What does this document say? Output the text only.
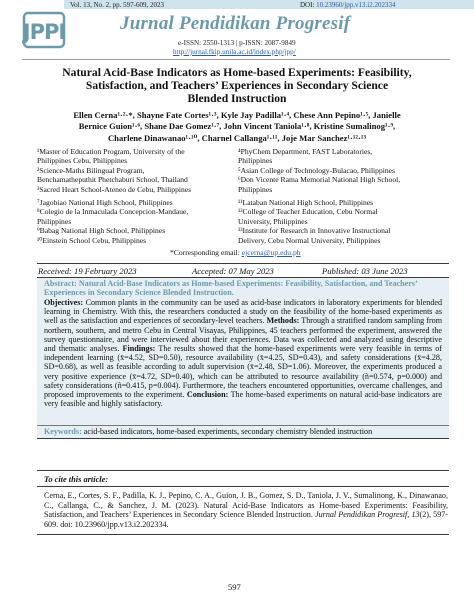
Vol. 13, No. 2, pp. 597-609, 2023	DOI: 10.23960/jpp.v13.i2.202334
JPPI	Jurnal Pendidikan Progresif
e-ISSN: 2550-1313 | p-ISSN: 2087-9849
http://jurnal.fkip.unila.ac.id/index.php/jpp/
Natural Acid-Base Indicators as Home-based Experiments: Feasibility,
Satisfaction, and Teachers’ Experiences in Secondary Science
Blended Instruction
Ellen Cerna¹·²·*, Shayne Fate Cortes¹·³, Kyle Jay Padilla¹·⁴, Chese Ann Pepino¹·⁵, Janielle
Bernice Guion¹·⁶, Shane Dae Gomez¹·⁷, John Vincent Taniola¹·⁸, Kristine Sumalinog¹·⁹,
Charlene Dinawanao¹·¹⁰, Charnel Callanga¹·¹¹, Joje Mar Sanchez¹·¹²·¹³

¹Master of Education Program, University of the

Philippines Cebu, Philippines

²Science-Maths Bilingual Program,

Benchamatheputhit Phetchaburi School, Thailand

³Sacred Heart School-Ateneo de Cebu, Philippines

⁴PhyChem Department, FAST Laboratories,

Philippines

⁵Asian College of Technology-Bulacao, Philippines

⁶Don Vicente Rama Memorial National High School,

Philippines

⁷Jagobiao National High School, Philippines

⁸Colegio de la Inmaculada Concepcion-Mandaue,

Philippines

⁹Babag National High School, Philippines

¹⁰Einstein School Cebu, Philippines

¹¹Lataban National High School, Philippines

¹²College of Teacher Education, Cebu Normal

University, Philippines

¹³Institute for Research in Innovative Instructional

Delivery, Cebu Normal University, Philippines

*Corresponding email: ejcerna@up.edu.ph
Received: 19 February 2023	Accepted: 07 May 2023	Published: 03 June 2023
Abstract: Natural Acid-Base Indicators as Home-based Experiments: Feasibility, Satisfaction, and Teachers’ Experiences in Secondary Science Blended Instruction.
Objectives: Common plants in the community can be used as acid-base indicators in laboratory experiments for blended learning in Chemistry. With this, the researchers conducted a study on the feasibility of the home-based experiments as well as the satisfaction and experiences of secondary-level teachers. Methods: Through a stratified random sampling from northern, southern, and metro Cebu in Central Visayas, Philippines, 45 teachers performed the experiment, answered the survey questionnaire, and were interviewed about their experiences. Data was collected and analyzed using descriptive and thematic analyses. Findings: The results showed that the home-based experiments were very feasible in terms of independent learning (x̄=4.52, SD=0.50), resource availability (x̄=4.25, SD=0.43), and safety considerations (x̄=4.28, SD=0.68), as well as feasible according to adult supervision (x̄=2.48, SD=1.06). Moreover, the experiments produced a very positive experience (x̄=4.72, SD=0.40), which can be attributed to resource availability (ñ=0.574, p=0.000) and safety considerations (ñ=0.415, p=0.004). Furthermore, the teachers encountered opportunities, overcame challenges, and proposed improvements to the experiment. Conclusion: The home-based experiments on natural acid-base indicators are very feasible and highly satisfactory.
Keywords: acid-based indicators, home-based experiments, secondary chemistry blended instruction
To cite this article:
Cerna, E., Cortes, S. F., Padilla, K. J., Pepino, C. A., Guion, J. B., Gomez, S. D., Taniola, J. V., Sumalinong, K., Dinawanao, C., Callanga, C., & Sanchez, J. M. (2023). Natural Acid-Base Indicators as Home-based Experiments: Feasibility, Satisfaction, and Teachers’ Experiences in Secondary Science Blended Instruction. Jurnal Pendidikan Progresif, 13(2), 597-609. doi: 10.23960/jpp.v13.i2.202334.
597
